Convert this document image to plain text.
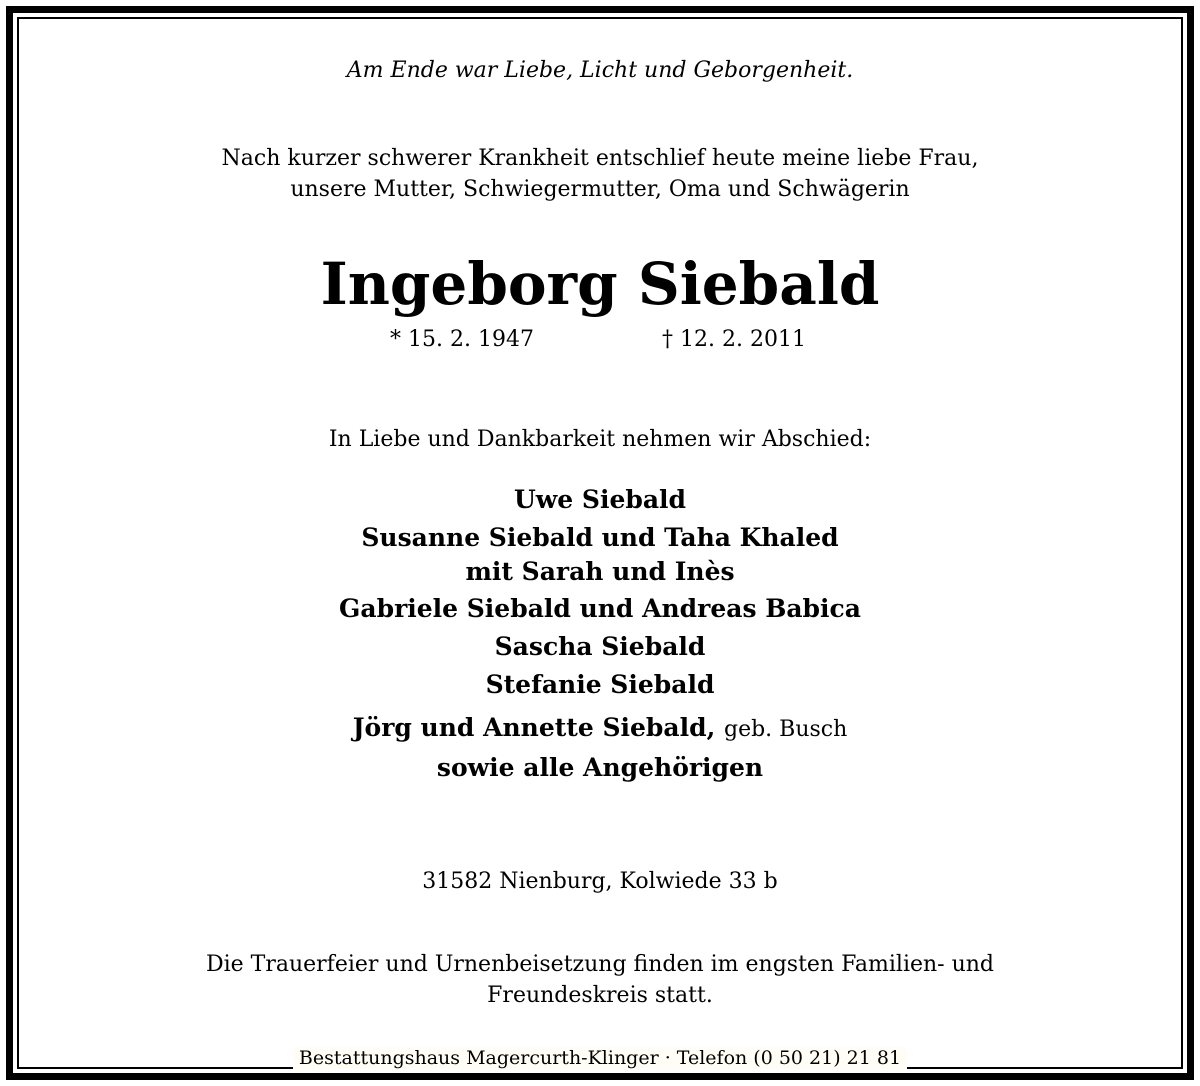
Am Ende war Liebe, Licht und Geborgenheit.
Nach kurzer schwerer Krankheit entschlief heute meine liebe Frau,
unsere Mutter, Schwiegermutter, Oma und Schwägerin
Ingeborg Siebald
* 15. 2. 1947	† 12. 2. 2011
In Liebe und Dankbarkeit nehmen wir Abschied:
Uwe Siebald
Susanne Siebald und Taha Khaled
mit Sarah und Inès
Gabriele Siebald und Andreas Babica
Sascha Siebald
Stefanie Siebald
Jörg und Annette Siebald, geb. Busch
sowie alle Angehörigen
31582 Nienburg, Kolwiede 33 b
Die Trauerfeier und Urnenbeisetzung finden im engsten Familien- und
Freundeskreis statt.
Bestattungshaus Magercurth-Klinger · Telefon (0 50 21) 21 81
